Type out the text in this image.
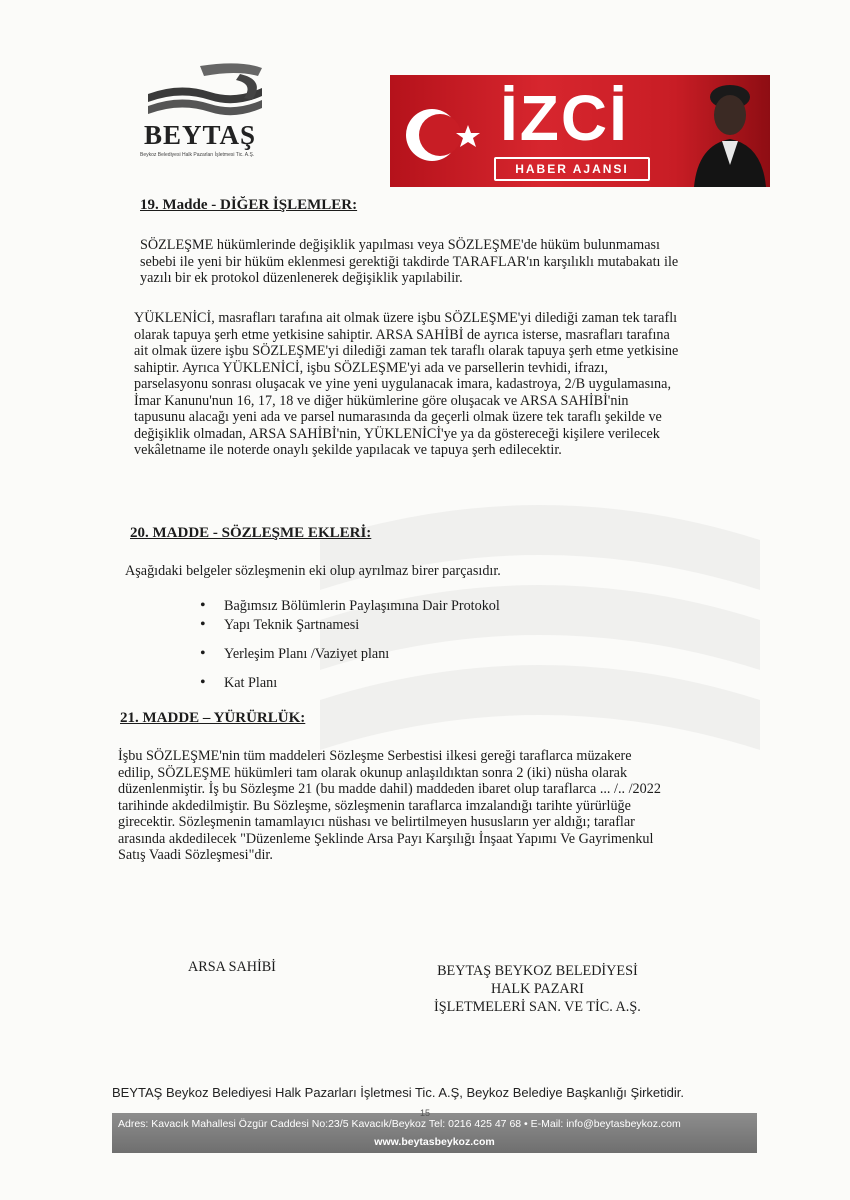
BEYTAŞ
Beykoz Belediyesi Halk Pazarları İşletmesi Tic. A.Ş.
İZCİ
HABER AJANSI
19. Madde - DİĞER İŞLEMLER:

SÖZLEŞME hükümlerinde değişiklik yapılması veya SÖZLEŞME'de hüküm bulunmaması
sebebi ile yeni bir hüküm eklenmesi gerektiği takdirde TARAFLAR'ın karşılıklı mutabakatı ile
yazılı bir ek protokol düzenlenerek değişiklik yapılabilir.

YÜKLENİCİ, masrafları tarafına ait olmak üzere işbu SÖZLEŞME'yi dilediği zaman tek taraflı
olarak tapuya şerh etme yetkisine sahiptir. ARSA SAHİBİ de ayrıca isterse, masrafları tarafına
ait olmak üzere işbu SÖZLEŞME'yi dilediği zaman tek taraflı olarak tapuya şerh etme yetkisine
sahiptir. Ayrıca YÜKLENİCİ, işbu SÖZLEŞME'yi ada ve parsellerin tevhidi, ifrazı,
parselasyonu sonrası oluşacak ve yine yeni uygulanacak imara, kadastroya, 2/B uygulamasına,
İmar Kanunu'nun 16, 17, 18 ve diğer hükümlerine göre oluşacak ve ARSA SAHİBİ'nin
tapusunu alacağı yeni ada ve parsel numarasında da geçerli olmak üzere tek taraflı şekilde ve
değişiklik olmadan, ARSA SAHİBİ'nin, YÜKLENİCİ'ye ya da göstereceği kişilere verilecek
vekâletname ile noterde onaylı şekilde yapılacak ve tapuya şerh edilecektir.

20. MADDE - SÖZLEŞME EKLERİ:

Aşağıdaki belgeler sözleşmenin eki olup ayrılmaz birer parçasıdır.

• Bağımsız Bölümlerin Paylaşımına Dair Protokol
• Yapı Teknik Şartnamesi
• Yerleşim Planı /Vaziyet planı
• Kat Planı
21. MADDE – YÜRÜRLÜK:

İşbu SÖZLEŞME'nin tüm maddeleri Sözleşme Serbestisi ilkesi gereği taraflarca müzakere
edilip, SÖZLEŞME hükümleri tam olarak okunup anlaşıldıktan sonra 2 (iki) nüsha olarak
düzenlenmiştir. İş bu Sözleşme 21 (bu madde dahil) maddeden ibaret olup taraflarca ... /.. /2022
tarihinde akdedilmiştir. Bu Sözleşme, sözleşmenin taraflarca imzalandığı tarihte yürürlüğe
girecektir. Sözleşmenin tamamlayıcı nüshası ve belirtilmeyen hususların yer aldığı; taraflar
arasında akdedilecek "Düzenleme Şeklinde Arsa Payı Karşılığı İnşaat Yapımı Ve Gayrimenkul
Satış Vaadi Sözleşmesi"dir.

ARSA SAHİBİ	BEYTAŞ BEYKOZ BELEDİYESİ
HALK PAZARI
İŞLETMELERİ SAN. VE TİC. A.Ş.
BEYTAŞ Beykoz Belediyesi Halk Pazarları İşletmesi Tic. A.Ş, Beykoz Belediye Başkanlığı Şirketidir.
Adres: Kavacık Mahallesi Özgür Caddesi No:23/5 Kavacık/Beykoz Tel: 0216 425 47 68 • E-Mail: info@beytasbeykoz.com
www.beytasbeykoz.com
15
